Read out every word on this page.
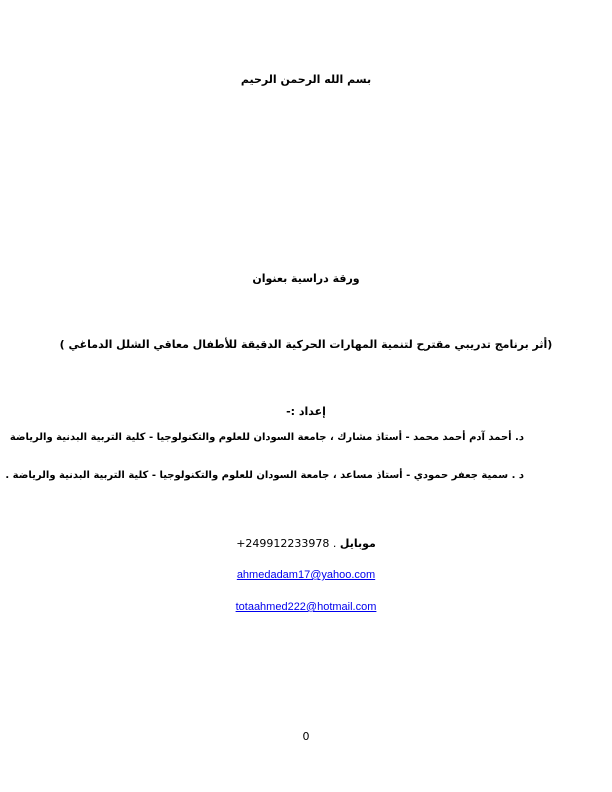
بسم الله الرحمن الرحيم
ورقة دراسية بعنوان
(أثر برنامج تدريبي مقترح لتنمية المهارات الحركية الدقيقة للأطفال معاقي الشلل الدماغي )
إعداد :-
د. أحمد آدم أحمد محمد - أستاذ مشارك ، جامعة السودان للعلوم والتكنولوجيا - كلية التربية البدنية والرياضة
د . سمية جعفر حمودي - أستاذ مساعد ، جامعة السودان للعلوم والتكنولوجيا - كلية التربية البدنية والرياضة .
موبايل +249912233978 .
ahmedadam17@yahoo.com
totaahmed222@hotmail.com
0
